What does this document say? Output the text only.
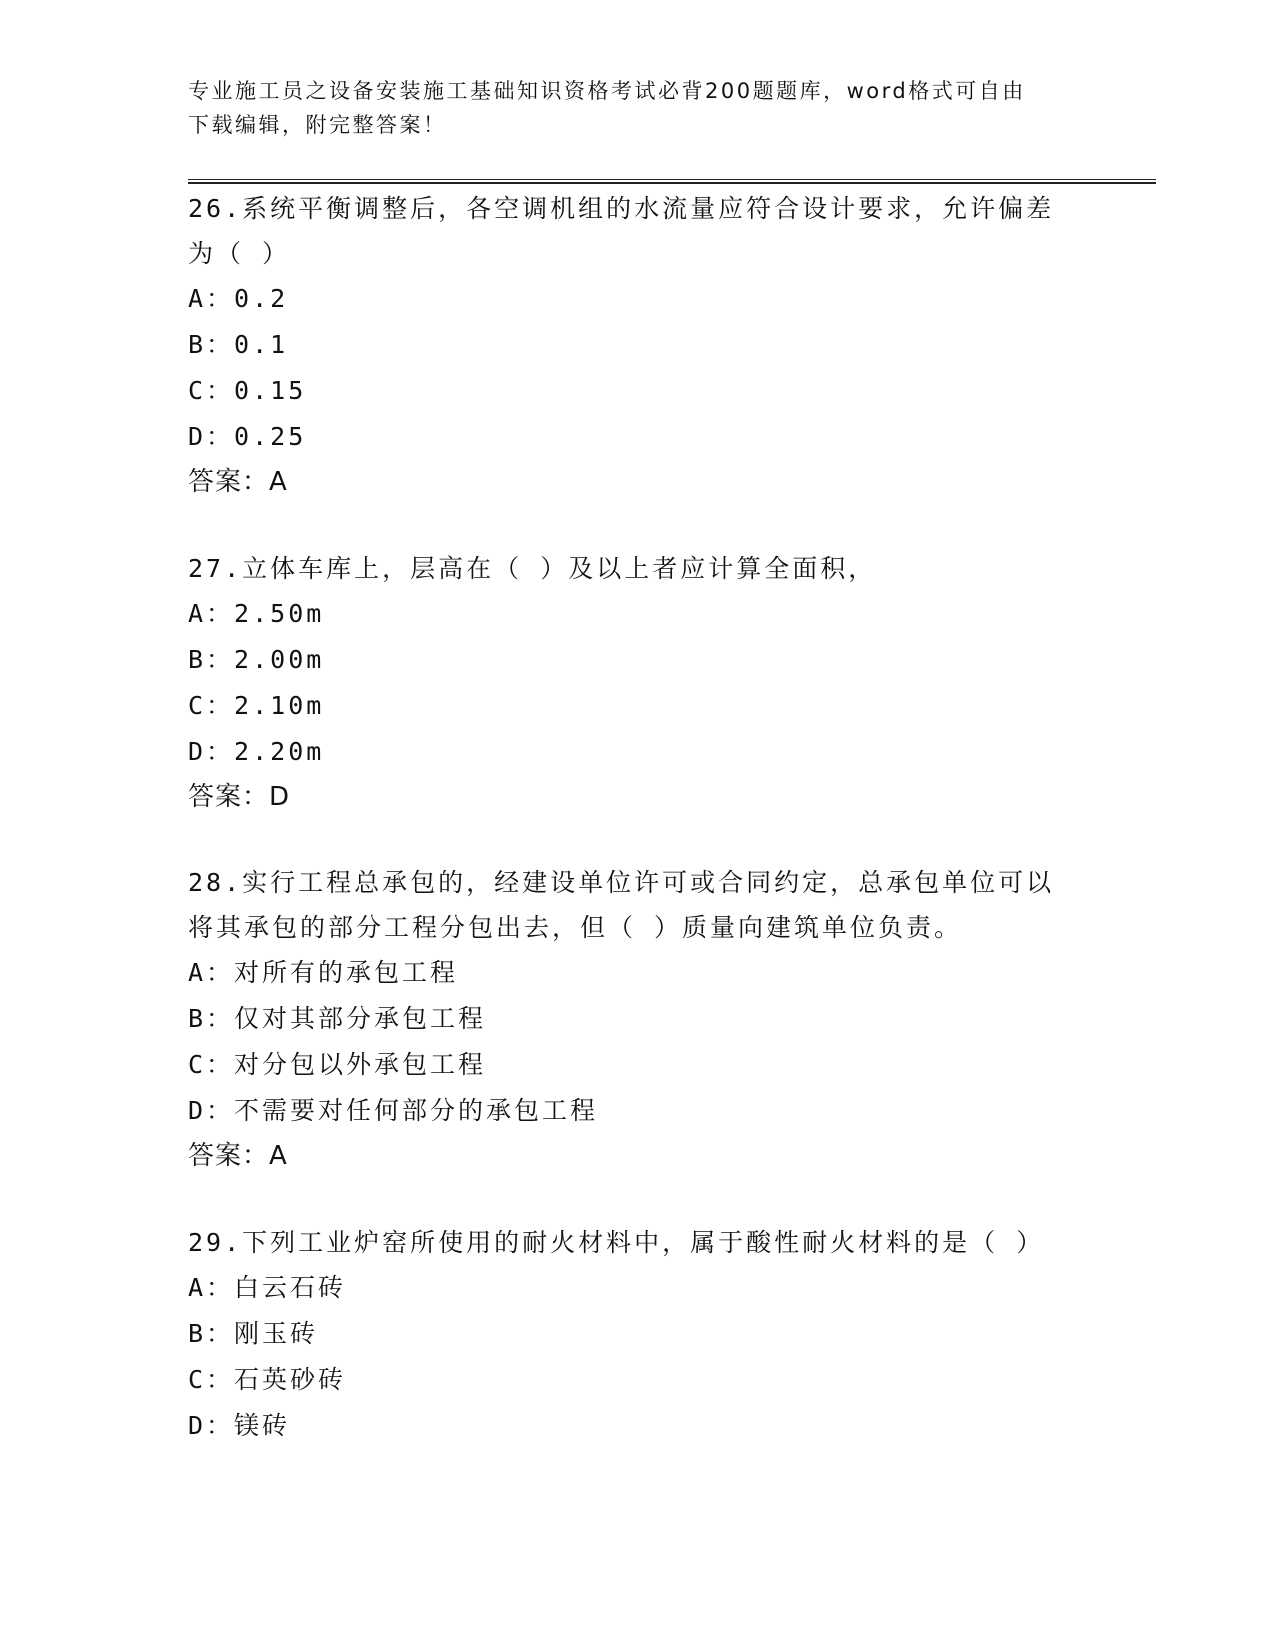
专业施工员之设备安装施工基础知识资格考试必背200题题库，word格式可自由
下载编辑，附完整答案！

26.系统平衡调整后，各空调机组的水流量应符合设计要求，允许偏差

为（ ）

A：0.2

B：0.1

C：0.15

D：0.25

答案：A

27.立体车库上，层高在（ ）及以上者应计算全面积，

A：2.50m

B：2.00m

C：2.10m

D：2.20m

答案：D

28.实行工程总承包的，经建设单位许可或合同约定，总承包单位可以

将其承包的部分工程分包出去，但（ ）质量向建筑单位负责。

A：对所有的承包工程

B：仅对其部分承包工程

C：对分包以外承包工程

D：不需要对任何部分的承包工程

答案：A

29.下列工业炉窑所使用的耐火材料中，属于酸性耐火材料的是（ ）

A：白云石砖

B：刚玉砖

C：石英砂砖

D：镁砖
